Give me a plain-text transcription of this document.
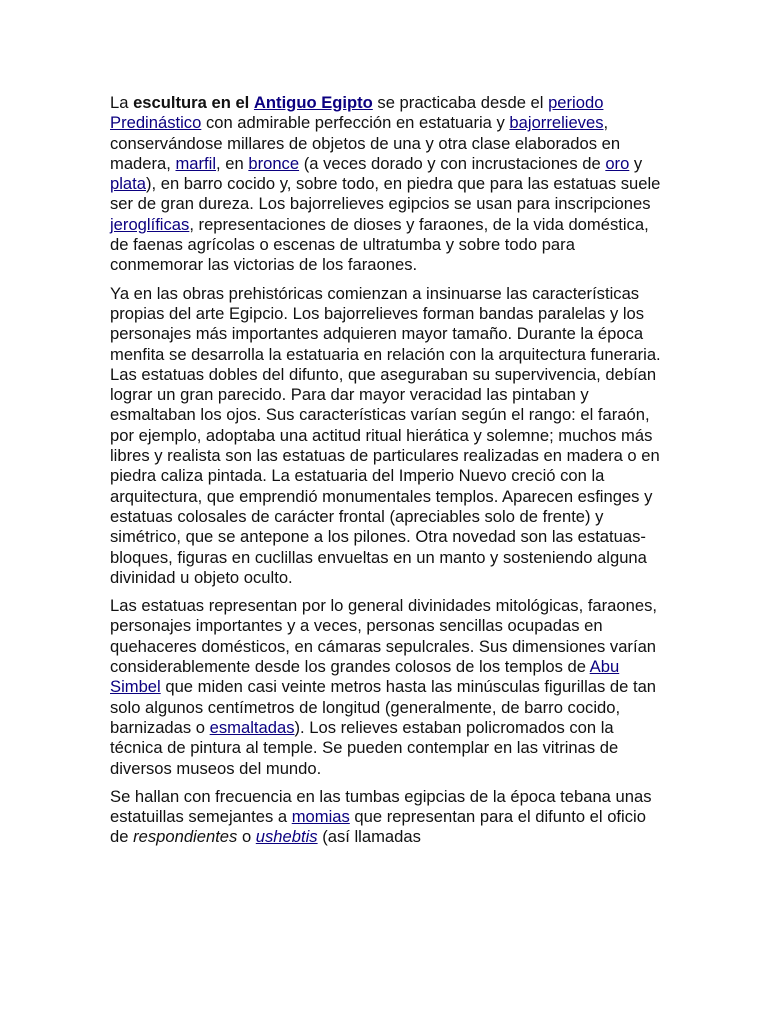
La escultura en el Antiguo Egipto se practicaba desde el periodo Predinástico con admirable perfección en estatuaria y bajorrelieves, conservándose millares de objetos de una y otra clase elaborados en madera, marfil, en bronce (a veces dorado y con incrustaciones de oro y plata), en barro cocido y, sobre todo, en piedra que para las estatuas suele ser de gran dureza. Los bajorrelieves egipcios se usan para inscripciones jeroglíficas, representaciones de dioses y faraones, de la vida doméstica, de faenas agrícolas o escenas de ultratumba y sobre todo para conmemorar las victorias de los faraones.

Ya en las obras prehistóricas comienzan a insinuarse las características propias del arte Egipcio. Los bajorrelieves forman bandas paralelas y los personajes más importantes adquieren mayor tamaño. Durante la época menfita se desarrolla la estatuaria en relación con la arquitectura funeraria. Las estatuas dobles del difunto, que aseguraban su supervivencia, debían lograr un gran parecido. Para dar mayor veracidad las pintaban y esmaltaban los ojos. Sus características varían según el rango: el faraón, por ejemplo, adoptaba una actitud ritual hierática y solemne; muchos más libres y realista son las estatuas de particulares realizadas en madera o en piedra caliza pintada. La estatuaria del Imperio Nuevo creció con la arquitectura, que emprendió monumentales templos. Aparecen esfinges y estatuas colosales de carácter frontal (apreciables solo de frente) y simétrico, que se antepone a los pilones. Otra novedad son las estatuas- bloques, figuras en cuclillas envueltas en un manto y sosteniendo alguna divinidad u objeto oculto.

Las estatuas representan por lo general divinidades mitológicas, faraones, personajes importantes y a veces, personas sencillas ocupadas en quehaceres domésticos, en cámaras sepulcrales. Sus dimensiones varían considerablemente desde los grandes colosos de los templos de Abu Simbel que miden casi veinte metros hasta las minúsculas figurillas de tan solo algunos centímetros de longitud (generalmente, de barro cocido, barnizadas o esmaltadas). Los relieves estaban policromados con la técnica de pintura al temple. Se pueden contemplar en las vitrinas de diversos museos del mundo.

Se hallan con frecuencia en las tumbas egipcias de la época tebana unas estatuillas semejantes a momias que representan para el difunto el oficio de respondientes o ushebtis (así llamadas
